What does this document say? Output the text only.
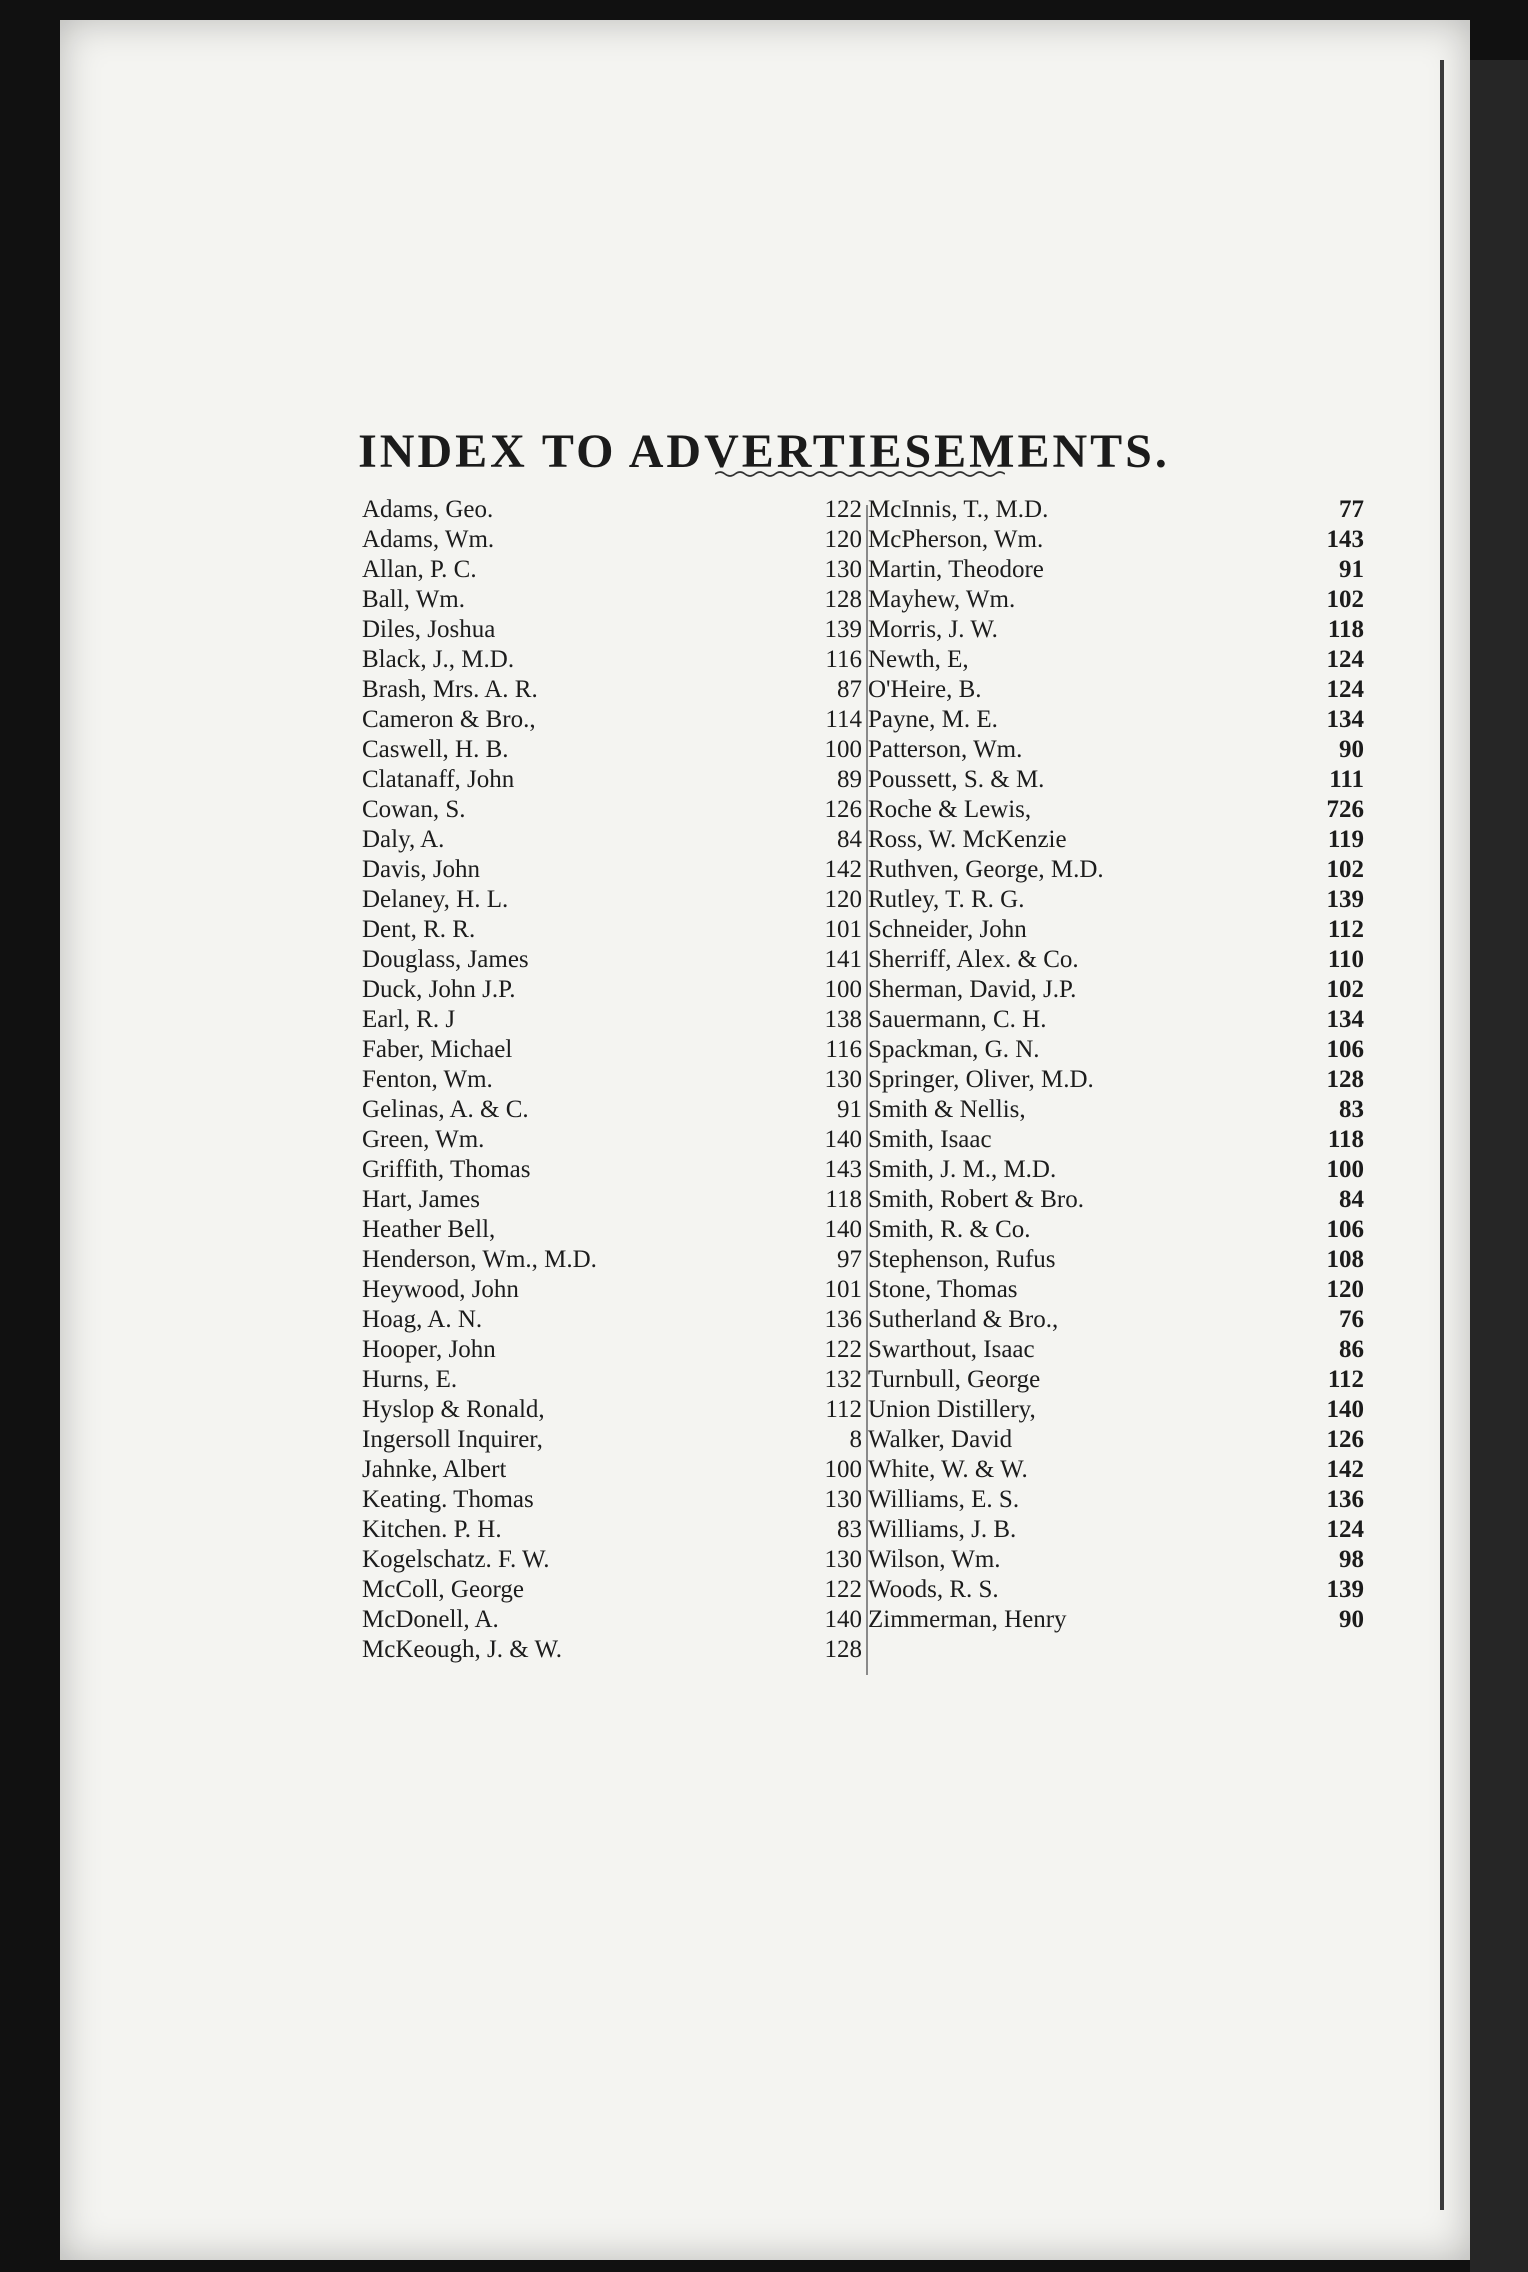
INDEX TO ADVERTIESEMENTS.
Adams, Geo.	122
Adams, Wm.	120
Allan, P. C.	130
Ball, Wm.	128
Diles, Joshua	139
Black, J., M.D.	116
Brash, Mrs. A. R.	87
Cameron & Bro.,	114
Caswell, H. B.	100
Clatanaff, John	89
Cowan, S.	126
Daly, A.	84
Davis, John	142
Delaney, H. L.	120
Dent, R. R.	101
Douglass, James	141
Duck, John J.P.	100
Earl, R. J	138
Faber, Michael	116
Fenton, Wm.	130
Gelinas, A. & C.	91
Green, Wm.	140
Griffith, Thomas	143
Hart, James	118
Heather Bell,	140
Henderson, Wm., M.D.	97
Heywood, John	101
Hoag, A. N.	136
Hooper, John	122
Hurns, E.	132
Hyslop & Ronald,	112
Ingersoll Inquirer,	8
Jahnke, Albert	100
Keating. Thomas	130
Kitchen. P. H.	83
Kogelschatz. F. W.	130
McColl, George	122
McDonell, A.	140
McKeough, J. & W.	128
McInnis, T., M.D.	77
McPherson, Wm.	143
Martin, Theodore	91
Mayhew, Wm.	102
Morris, J. W.	118
Newth, E,	124
O'Heire, B.	124
Payne, M. E.	134
Patterson, Wm.	90
Poussett, S. & M.	111
Roche & Lewis,	726
Ross, W. McKenzie	119
Ruthven, George, M.D.	102
Rutley, T. R. G.	139
Schneider, John	112
Sherriff, Alex. & Co.	110
Sherman, David, J.P.	102
Sauermann, C. H.	134
Spackman, G. N.	106
Springer, Oliver, M.D.	128
Smith & Nellis,	83
Smith, Isaac	118
Smith, J. M., M.D.	100
Smith, Robert & Bro.	84
Smith, R. & Co.	106
Stephenson, Rufus	108
Stone, Thomas	120
Sutherland & Bro.,	76
Swarthout, Isaac	86
Turnbull, George	112
Union Distillery,	140
Walker, David	126
White, W. & W.	142
Williams, E. S.	136
Williams, J. B.	124
Wilson, Wm.	98
Woods, R. S.	139
Zimmerman, Henry	90
